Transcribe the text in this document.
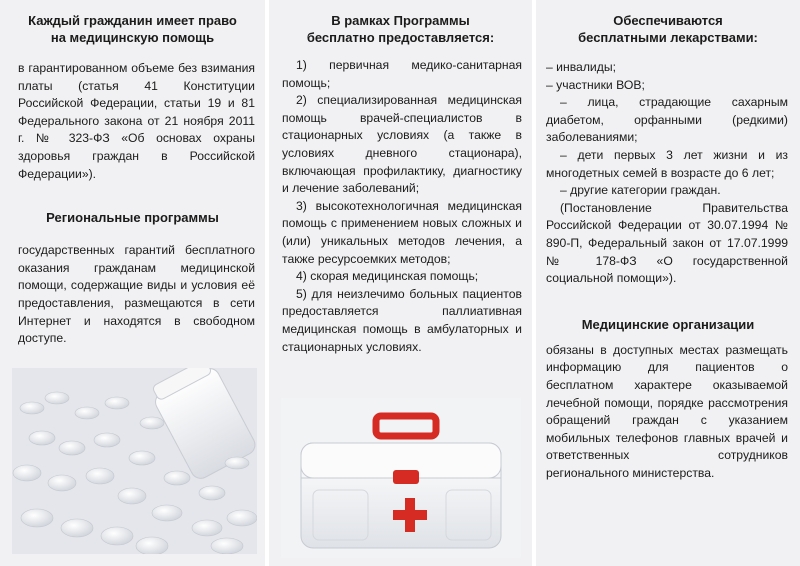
Каждый гражданин имеет право
на медицинскую помощь

в гарантированном объеме без взимания платы (статья 41 Конституции Российской Федерации, статьи 19 и 81 Федерального закона от 21 ноября 2011 г. № 323-ФЗ «Об основах охраны здоровья граждан в Российской Федерации»).

Региональные программы

государственных гарантий бесплатного оказания гражданам медицинской помощи, содержащие виды и условия её предоставления, размещаются в сети Интернет и находятся в свободном доступе.

В рамках Программы
бесплатно предоставляется:

1) первичная медико-санитарная помощь;

2) специализированная медицинская помощь врачей-специалистов в стационарных условиях (а также в условиях дневного стационара), включающая профилактику, диагностику и лечение заболеваний;

3) высокотехнологичная медицинская помощь с применением новых сложных и (или) уникальных методов лечения, а также ресурсоемких методов;

4) скорая медицинская помощь;

5) для неизлечимо больных пациентов предоставляется паллиативная медицинская помощь в амбулаторных и стационарных условиях.

Обеспечиваются
бесплатными лекарствами:

– инвалиды;

– участники ВОВ;

– лица, страдающие сахарным диабетом, орфанными (редкими) заболеваниями;

– дети первых 3 лет жизни и из многодетных семей в возрасте до 6 лет;

– другие категории граждан.

(Постановление Правительства Российской Федерации от 30.07.1994 № 890-П, Федеральный закон от 17.07.1999 № 178-ФЗ «О государственной социальной помощи»).

Медицинские организации

обязаны в доступных местах размещать информацию для пациентов о бесплатном характере оказываемой лечебной помощи, порядке рассмотрения обращений граждан с указанием мобильных телефонов главных врачей и ответственных сотрудников регионального министерства.
